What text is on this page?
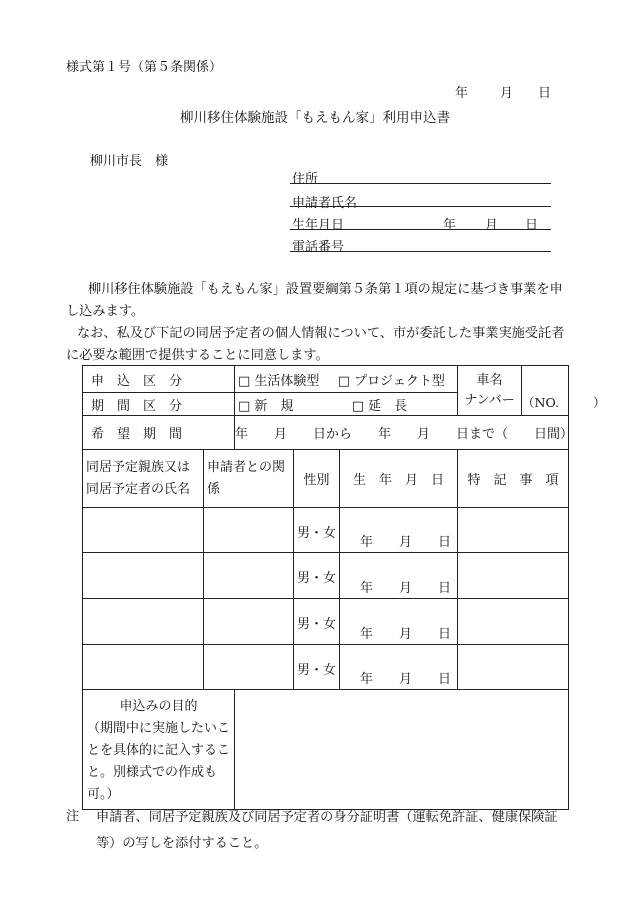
様式第１号（第５条関係）
年 月 日
柳川移住体験施設「もえもん家」利用申込書
柳川市長　様
住所
申請者氏名
生年月日	年 月 日
電話番号
柳川移住体験施設「もえもん家」設置要綱第５条第１項の規定に基づき事業を申し込みます。
なお、私及び下記の同居予定者の個人情報について、市が委託した事業実施受託者に必要な範囲で提供することに同意します。
申　込　区　分		□ 生活体験型 □ プロジェクト型			車名
ナンバー	（NO. ）
期　間　区　分		□ 新　規 □ 延　長				
希　望　期　間		年　　月　　日から　　年　　月　　日まで（　　日間）				
同居予定親族又は同居予定者の氏名	申請者との関係		性別	生　年　月　日	特　記　事　項	
			男・女	年　　月　　日		
			男・女	年　　月　　日		
			男・女	年　　月　　日		
			男・女	年　　月　　日		

申込みの目的
（期間中に実施したいことを具体的に記入すること。別様式での作成も可。）						

注 申請者、同居予定親族及び同居予定者の身分証明書（運転免許証、健康保険証等）の写しを添付すること。
